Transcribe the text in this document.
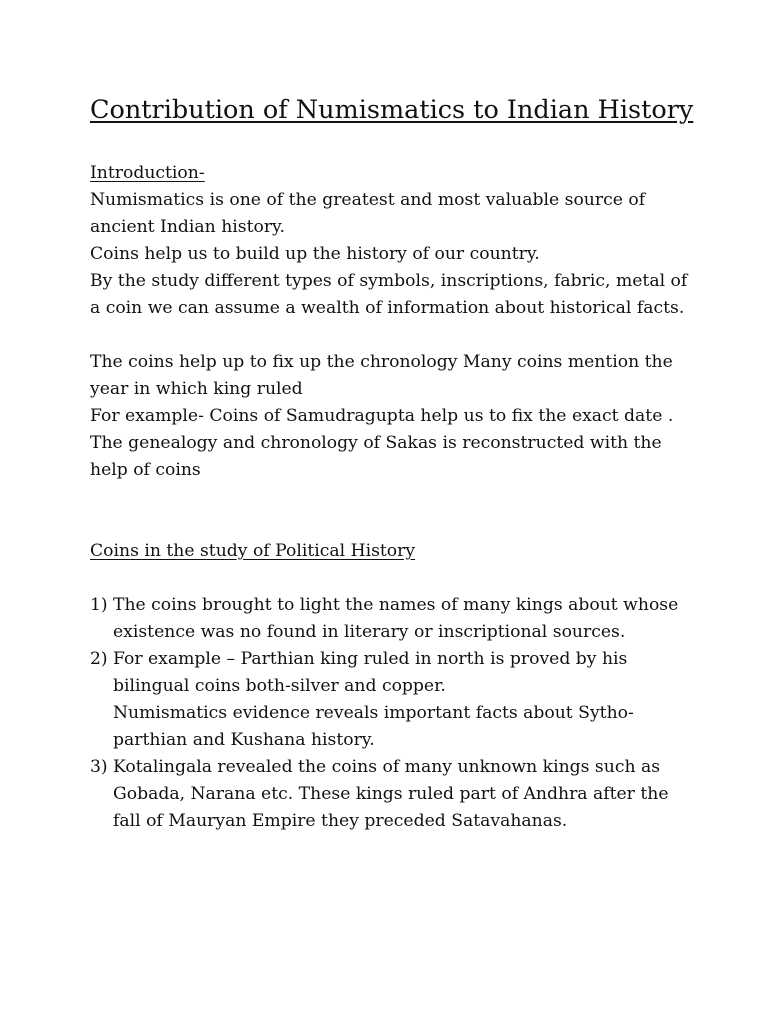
Contribution of Numismatics to Indian History
Introduction-

Numismatics is one of the greatest and most valuable source of ancient Indian history.

Coins help us to build up the history of our country.

By the study different types of symbols, inscriptions, fabric, metal of a coin we can assume a wealth of information about historical facts.

The coins help up to fix up the chronology Many coins mention the year in which king ruled

For example- Coins of Samudragupta help us to fix the exact date .

The genealogy and chronology of Sakas is reconstructed with the help of coins

Coins in the study of Political History
1) The coins brought to light the names of many kings about whose existence was no found in literary or inscriptional sources.
2) For example – Parthian king ruled in north is proved by his bilingual coins both-silver and copper.
Numismatics evidence reveals important facts about Sytho-parthian and Kushana history.
3) Kotalingala revealed the coins of many unknown kings such as Gobada, Narana etc. These kings ruled part of Andhra after the fall of Mauryan Empire they preceded Satavahanas.
